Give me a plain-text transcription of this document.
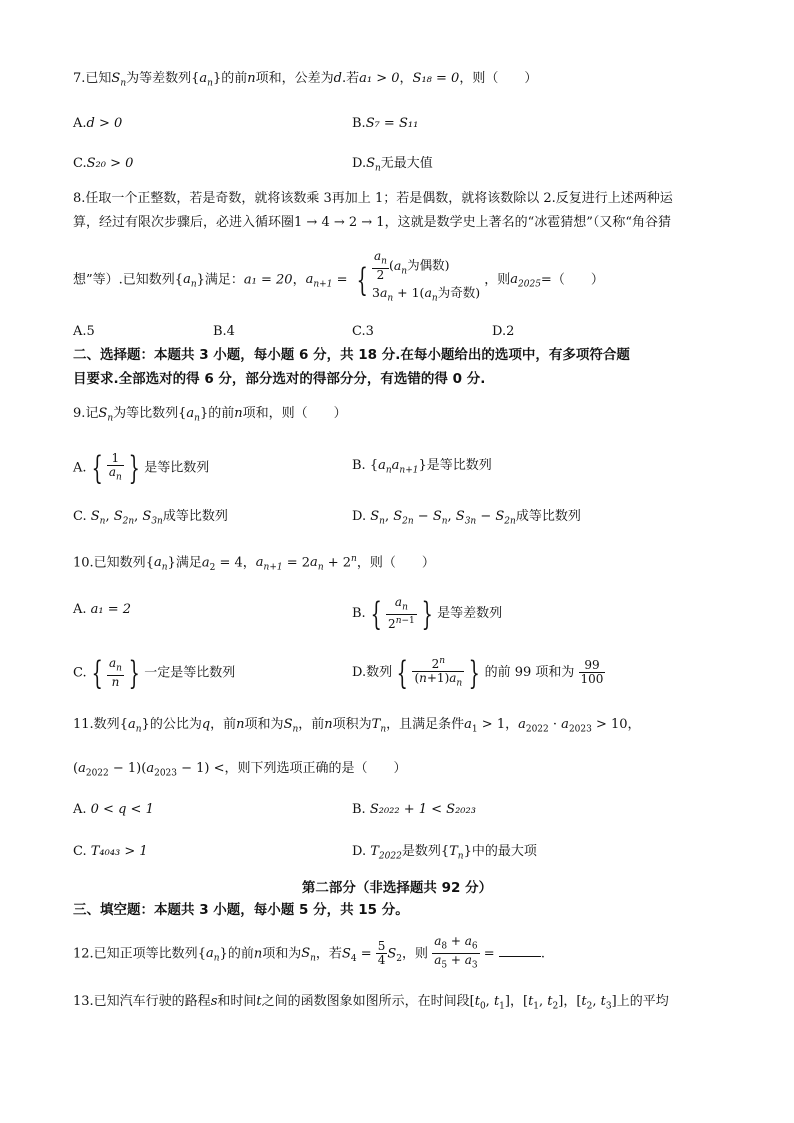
7.已知$S_n$为等差数列$\{a_n\}$的前n项和，公差为d.若a₁ > 0，S₁₈ = 0，则（　　）
A.d > 0	B.S₇ = S₁₁
C.S₂₀ > 0	$D.S_n$无最大值
8.任取一个正整数，若是奇数，就将该数乘 3再加上 1；若是偶数，就将该数除以 2.反复进行上述两种运
算，经过有限次步骤后，必进入循环圈1 → 4 → 2 → 1，这就是数学史上著名的“冰雹猜想”（又称“角谷猜
想”等）.已知数列$\{a_n\}$满足：a₁ = 20，$a_{n+1}$ = { $\frac{a_n}{2} (a_n$为偶数)
$3a_n + 1(a_n$为奇数)
，则$a_{2025}=$（　　）
A.5	B.4	C.3	D.2
二、选择题：本题共 3 小题，每小题 6 分，共 18 分.在每小题给出的选项中，有多项符合题
目要求.全部选对的得 6 分，部分选对的得部分分，有选错的得 0 分.
9.记$S_n$为等比数列$\{a_n\}$的前n项和，则（　　）
A. { $\frac{1}{a_n}$ } 是等比数列	B. $\{a_na_{n+1}\}$是等比数列
C. $S_n$, $S_{2n}$, $S_{3n}$成等比数列	D. $S_n$, $S_{2n} - S_n$, $S_{3n} - S_{2n}$成等比数列
10.已知数列$\{a_n\}$满足$a_2 = 4$，$a_{n+1} = 2a_n + 2^n$，则（　　）
A. a₁ = 2	B. { $\frac{a_n}{2^{n-1}}$ } 是等差数列
C. { $\frac{a_n}{n}$ } 一定是等比数列	D.数列 { $\frac{2^n}{(n+1)a_n}$ } 的前 99 项和为 $\frac{99}{100}$
11.数列$\{a_n\}$的公比为q，前n项和为$S_n$，前n项积为$T_n$，且满足条件$a_1 > 1$，$a_{2022} \cdot a_{2023} > 10$，
$(a_{2022} - 1)(a_{2023} - 1)$ <，则下列选项正确的是（　　）
A. 0 < q < 1	B. S₂₀₂₂ + 1 < S₂₀₂₃
C. T₄₀₄₃ > 1	D. $T_{2022}$是数列$\{T_n\}$中的最大项
第二部分（非选择题共 92 分）
三、填空题：本题共 3 小题，每小题 5 分，共 15 分。
12.已知正项等比数列$\{a_n\}$的前n项和为$S_n$，若$S_4 = \frac{5}{4} S_2$，则 $\frac{a_8 + a_6}{a_5 + a_3}$ =	.
13.已知汽车行驶的路程s和时间t之间的函数图象如图所示，在时间段[$t_0$, $t_1$]，[$t_1$, $t_2$]，[$t_2$, $t_3$]上的平均
